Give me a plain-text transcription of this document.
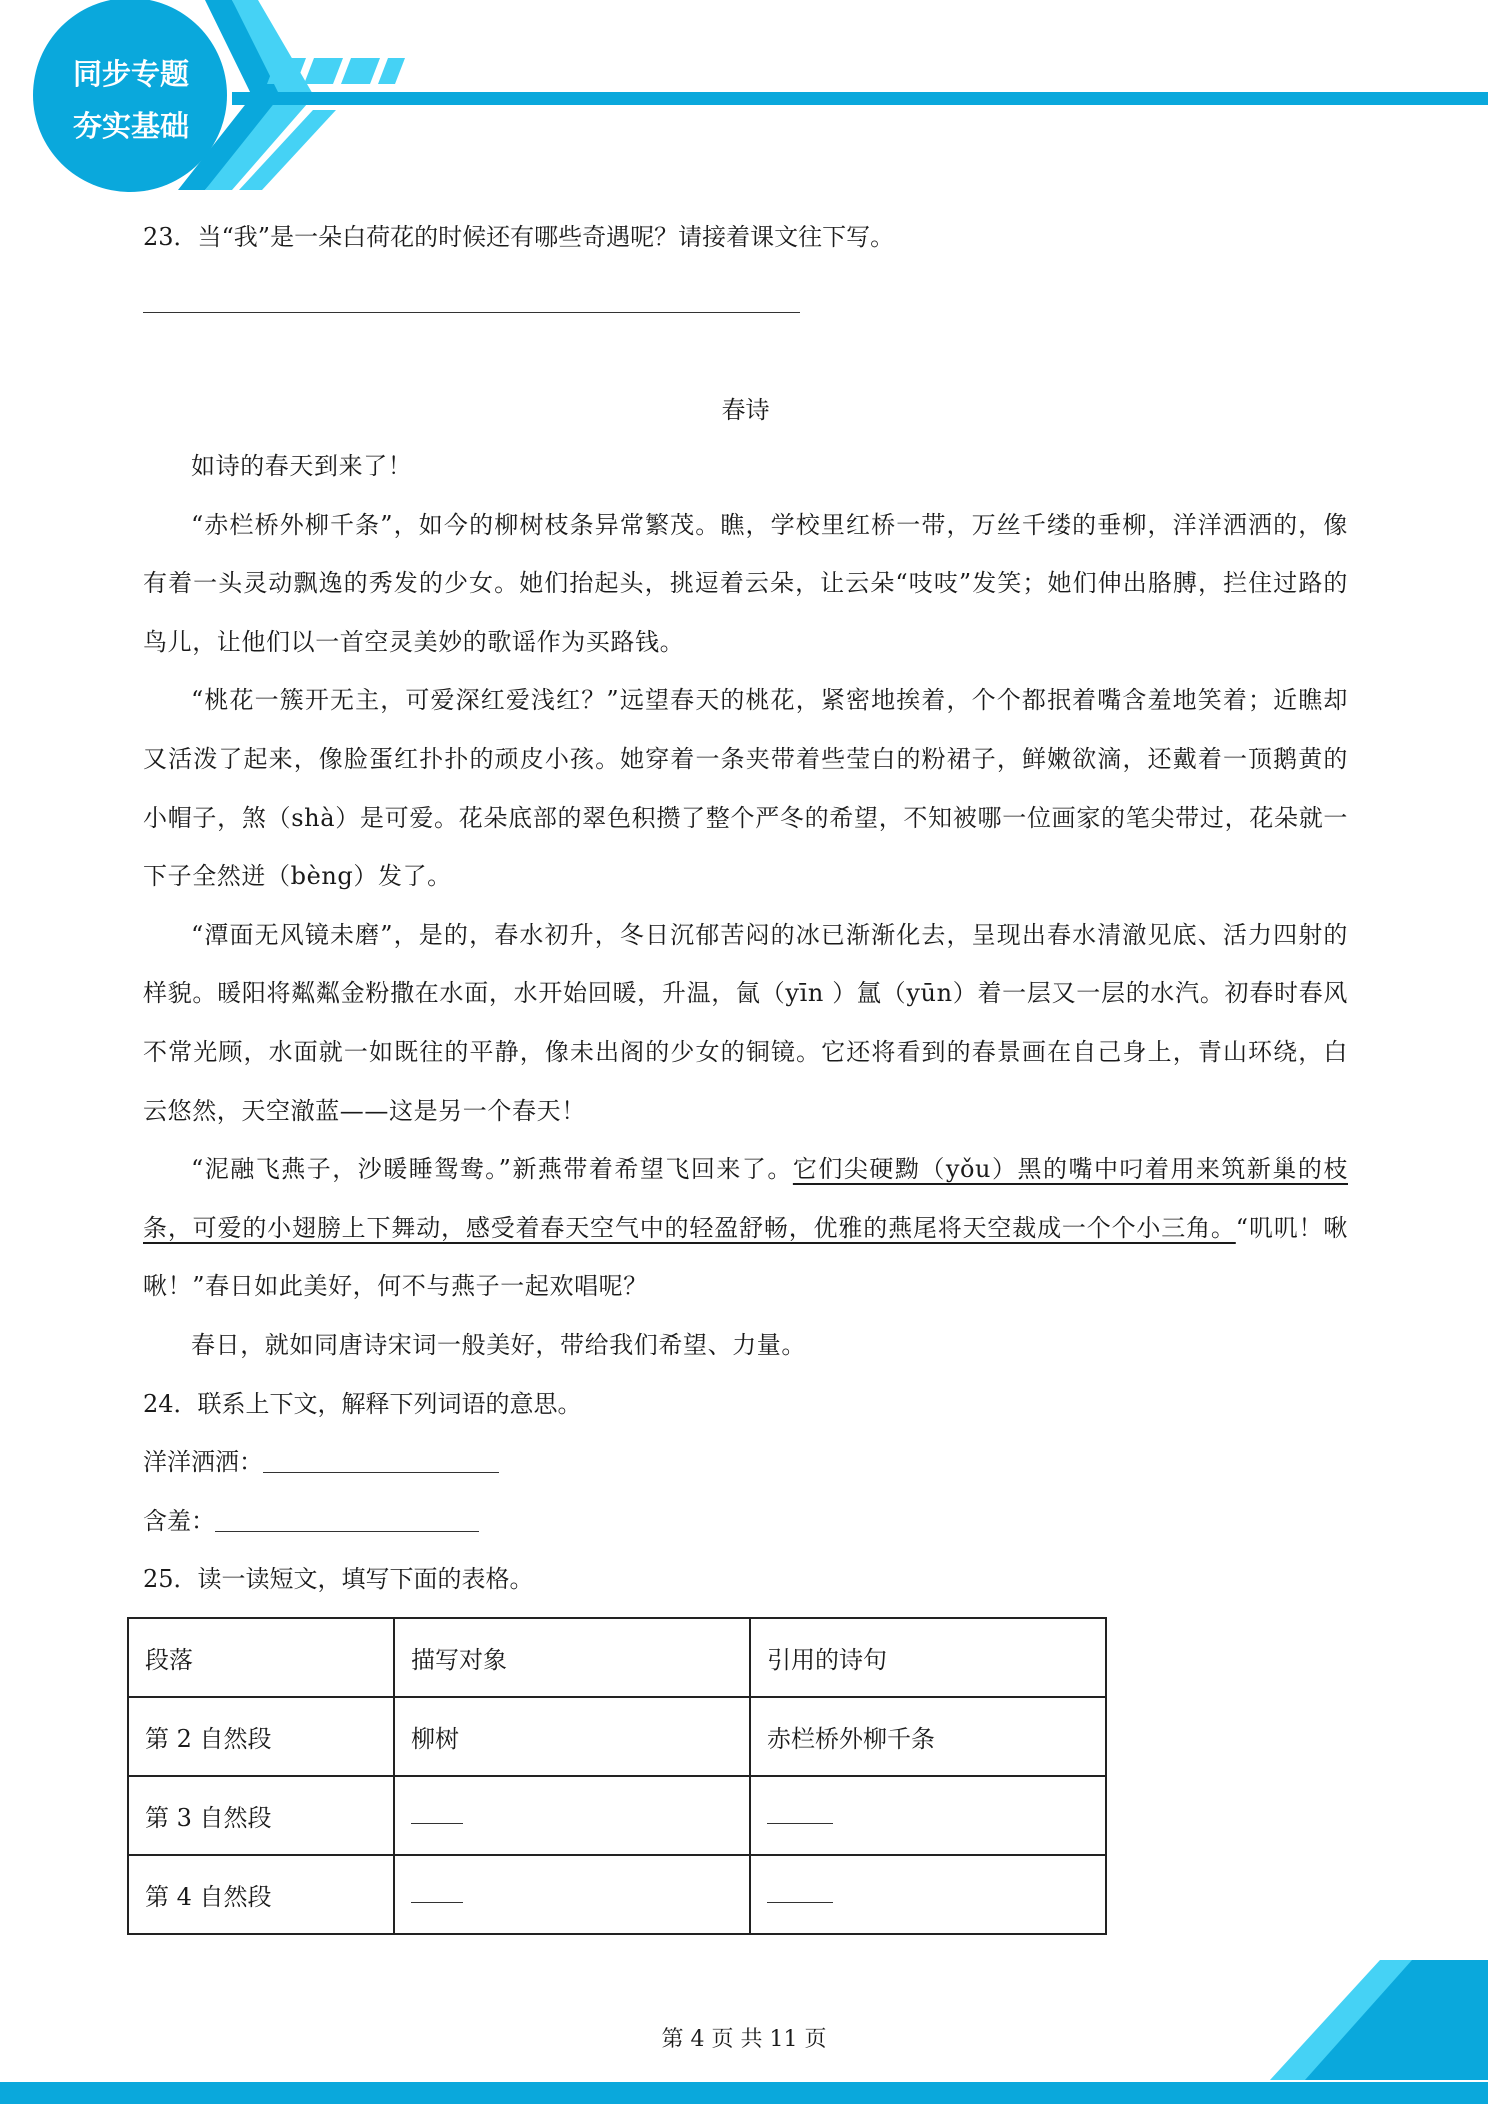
同步专题
夯实基础

23．当“我”是一朵白荷花的时候还有哪些奇遇呢？请接着课文往下写。

春诗

如诗的春天到来了！

“赤栏桥外柳千条”，如今的柳树枝条异常繁茂。瞧，学校里红桥一带，万丝千缕的垂柳，洋洋洒洒的，像有着一头灵动飘逸的秀发的少女。她们抬起头，挑逗着云朵，让云朵“吱吱”发笑；她们伸出胳膊，拦住过路的鸟儿，让他们以一首空灵美妙的歌谣作为买路钱。

“桃花一簇开无主，可爱深红爱浅红？”远望春天的桃花，紧密地挨着，个个都抿着嘴含羞地笑着；近瞧却又活泼了起来，像脸蛋红扑扑的顽皮小孩。她穿着一条夹带着些莹白的粉裙子，鲜嫩欲滴，还戴着一顶鹅黄的小帽子，煞（shà）是可爱。花朵底部的翠色积攒了整个严冬的希望，不知被哪一位画家的笔尖带过，花朵就一下子全然迸（bèng）发了。

“潭面无风镜未磨”，是的，春水初升，冬日沉郁苦闷的冰已渐渐化去，呈现出春水清澈见底、活力四射的样貌。暖阳将粼粼金粉撒在水面，水开始回暖，升温，氤（yīn ）氲（yūn）着一层又一层的水汽。初春时春风不常光顾，水面就一如既往的平静，像未出阁的少女的铜镜。它还将看到的春景画在自己身上，青山环绕，白云悠然，天空澈蓝——这是另一个春天！

“泥融飞燕子，沙暖睡鸳鸯。”新燕带着希望飞回来了。它们尖硬黝（yǒu）黑的嘴中叼着用来筑新巢的枝条，可爱的小翅膀上下舞动，感受着春天空气中的轻盈舒畅，优雅的燕尾将天空裁成一个个小三角。“叽叽！啾啾！”春日如此美好，何不与燕子一起欢唱呢？

春日，就如同唐诗宋词一般美好，带给我们希望、力量。

24．联系上下文，解释下列词语的意思。

洋洋洒洒：

含羞：

25．读一读短文，填写下面的表格。

段落	描写对象	引用的诗句
第 2 自然段	柳树	赤栏桥外柳千条
第 3 自然段		
第 4 自然段		
第 4 页 共 11 页
